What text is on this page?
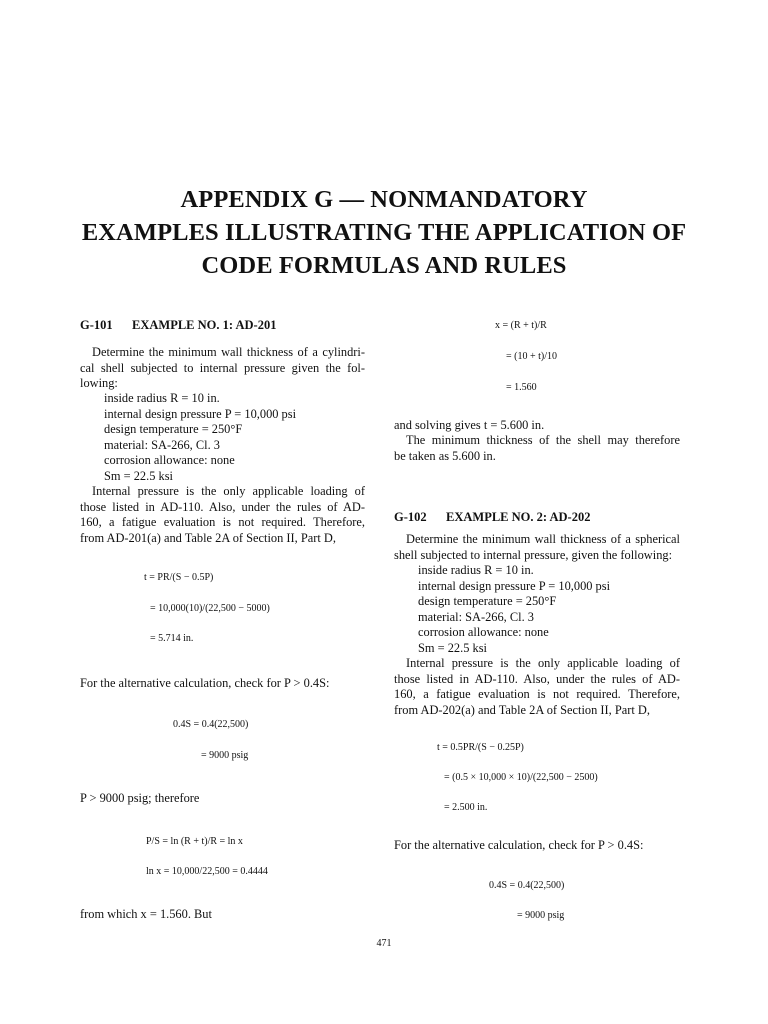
APPENDIX G — NONMANDATORY
EXAMPLES ILLUSTRATING THE APPLICATION OF
CODE FORMULAS AND RULES
G-101 EXAMPLE NO. 1: AD-201
Determine the minimum wall thickness of a cylindri-
cal shell subjected to internal pressure given the fol-
lowing:
inside radius R = 10 in.
internal design pressure P = 10,000 psi
design temperature = 250°F
material: SA-266, Cl. 3
corrosion allowance: none
Sm = 22.5 ksi
Internal pressure is the only applicable loading of
those listed in AD-110. Also, under the rules of AD-
160, a fatigue evaluation is not required. Therefore,
from AD-201(a) and Table 2A of Section II, Part D,
t = PR/(S − 0.5P)
= 10,000(10)/(22,500 − 5000)
= 5.714 in.
For the alternative calculation, check for P > 0.4S:
0.4S = 0.4(22,500)
= 9000 psig
P > 9000 psig; therefore
P/S = ln (R + t)/R = ln x
ln x = 10,000/22,500 = 0.4444
from which x = 1.560. But
x = (R + t)/R
= (10 + t)/10
= 1.560
and solving gives t = 5.600 in.
The minimum thickness of the shell may therefore
be taken as 5.600 in.
G-102 EXAMPLE NO. 2: AD-202
Determine the minimum wall thickness of a spherical
shell subjected to internal pressure, given the following:
inside radius R = 10 in.
internal design pressure P = 10,000 psi
design temperature = 250°F
material: SA-266, Cl. 3
corrosion allowance: none
Sm = 22.5 ksi
Internal pressure is the only applicable loading of
those listed in AD-110. Also, under the rules of AD-
160, a fatigue evaluation is not required. Therefore,
from AD-202(a) and Table 2A of Section II, Part D,
t = 0.5PR/(S − 0.25P)
= (0.5 × 10,000 × 10)/(22,500 − 2500)
= 2.500 in.
For the alternative calculation, check for P > 0.4S:
0.4S = 0.4(22,500)
= 9000 psig
471
